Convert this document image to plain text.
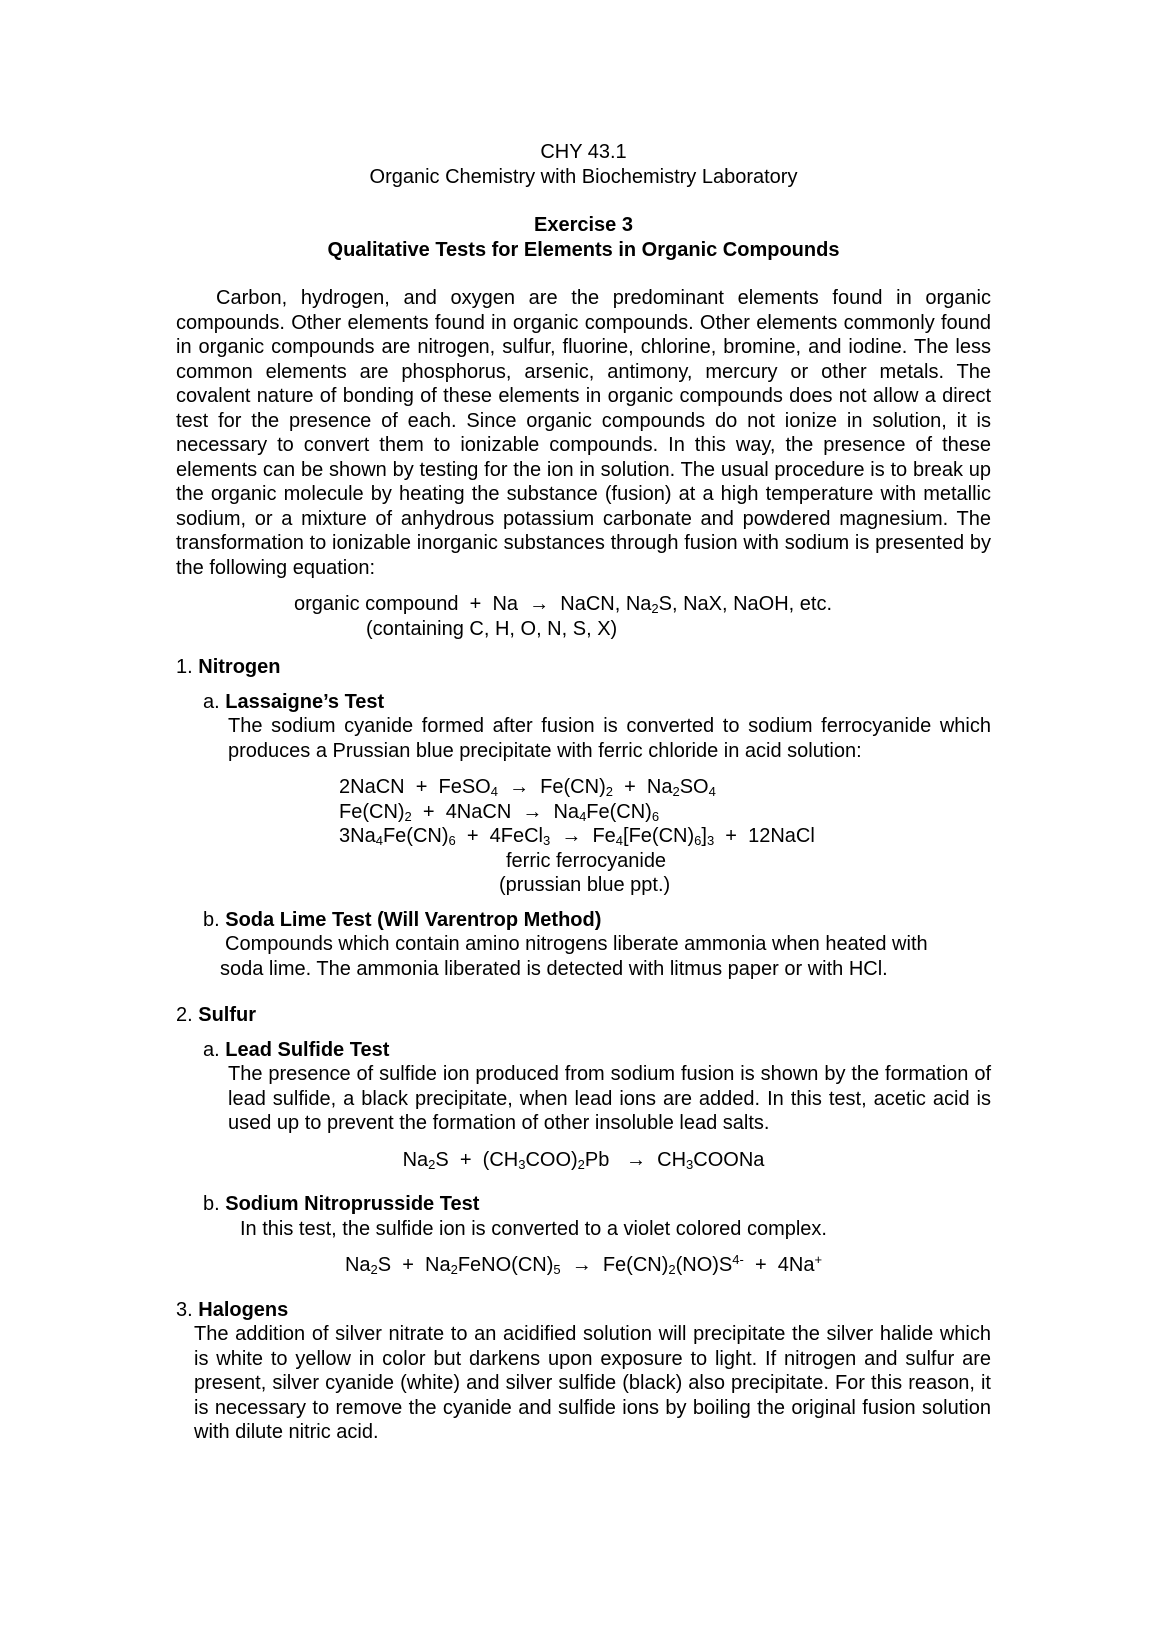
CHY 43.1

Organic Chemistry with Biochemistry Laboratory

Exercise 3

Qualitative Tests for Elements in Organic Compounds

Carbon, hydrogen, and oxygen are the predominant elements found in organic compounds. Other elements found in organic compounds. Other elements commonly found in organic compounds are nitrogen, sulfur, fluorine, chlorine, bromine, and iodine. The less common elements are phosphorus, arsenic, antimony, mercury or other metals. The covalent nature of bonding of these elements in organic compounds does not allow a direct test for the presence of each. Since organic compounds do not ionize in solution, it is necessary to convert them to ionizable compounds. In this way, the presence of these elements can be shown by testing for the ion in solution. The usual procedure is to break up the organic molecule by heating the substance (fusion) at a high temperature with metallic sodium, or a mixture of anhydrous potassium carbonate and powdered magnesium. The transformation to ionizable inorganic substances through fusion with sodium is presented by the following equation:

organic compound  +  Na  →  NaCN, $Na_2S$, NaX, NaOH, etc.

(containing C, H, O, N, S, X)

1. Nitrogen

a. Lassaigne’s Test

The sodium cyanide formed after fusion is converted to sodium ferrocyanide which produces a Prussian blue precipitate with ferric chloride in acid solution:

2NaCN  +  FeSO$_4$  →  $Fe(CN)_2 + Na_2SO_4$

$Fe(CN)_2$  +  4NaCN  →  $Na_4Fe(CN)_6$

$3Na_4Fe(CN)_6$  +  4FeCl$_3$  →  $Fe_4[Fe(CN)_6]_3$  +  12NaCl

ferric ferrocyanide

(prussian blue ppt.)

b. Soda Lime Test (Will Varentrop Method)

Compounds which contain amino nitrogens liberate ammonia when heated with
soda lime. The ammonia liberated is detected with litmus paper or with HCl.

2. Sulfur

a. Lead Sulfide Test

The presence of sulfide ion produced from sodium fusion is shown by the formation of lead sulfide, a black precipitate, when lead ions are added. In this test, acetic acid is used up to prevent the formation of other insoluble lead salts.

$Na_2S + (CH_3COO)_2Pb$   →  $CH_3COONa$

b. Sodium Nitroprusside Test

In this test, the sulfide ion is converted to a violet colored complex.

$Na_2S$  +  $Na_2FeNO(CN)_5 \to Fe(CN)_2(NO)S^{4-} + 4Na^+$

3. Halogens

The addition of silver nitrate to an acidified solution will precipitate the silver halide which is white to yellow in color but darkens upon exposure to light. If nitrogen and sulfur are present, silver cyanide (white) and silver sulfide (black) also precipitate. For this reason, it is necessary to remove the cyanide and sulfide ions by boiling the original fusion solution with dilute nitric acid.
